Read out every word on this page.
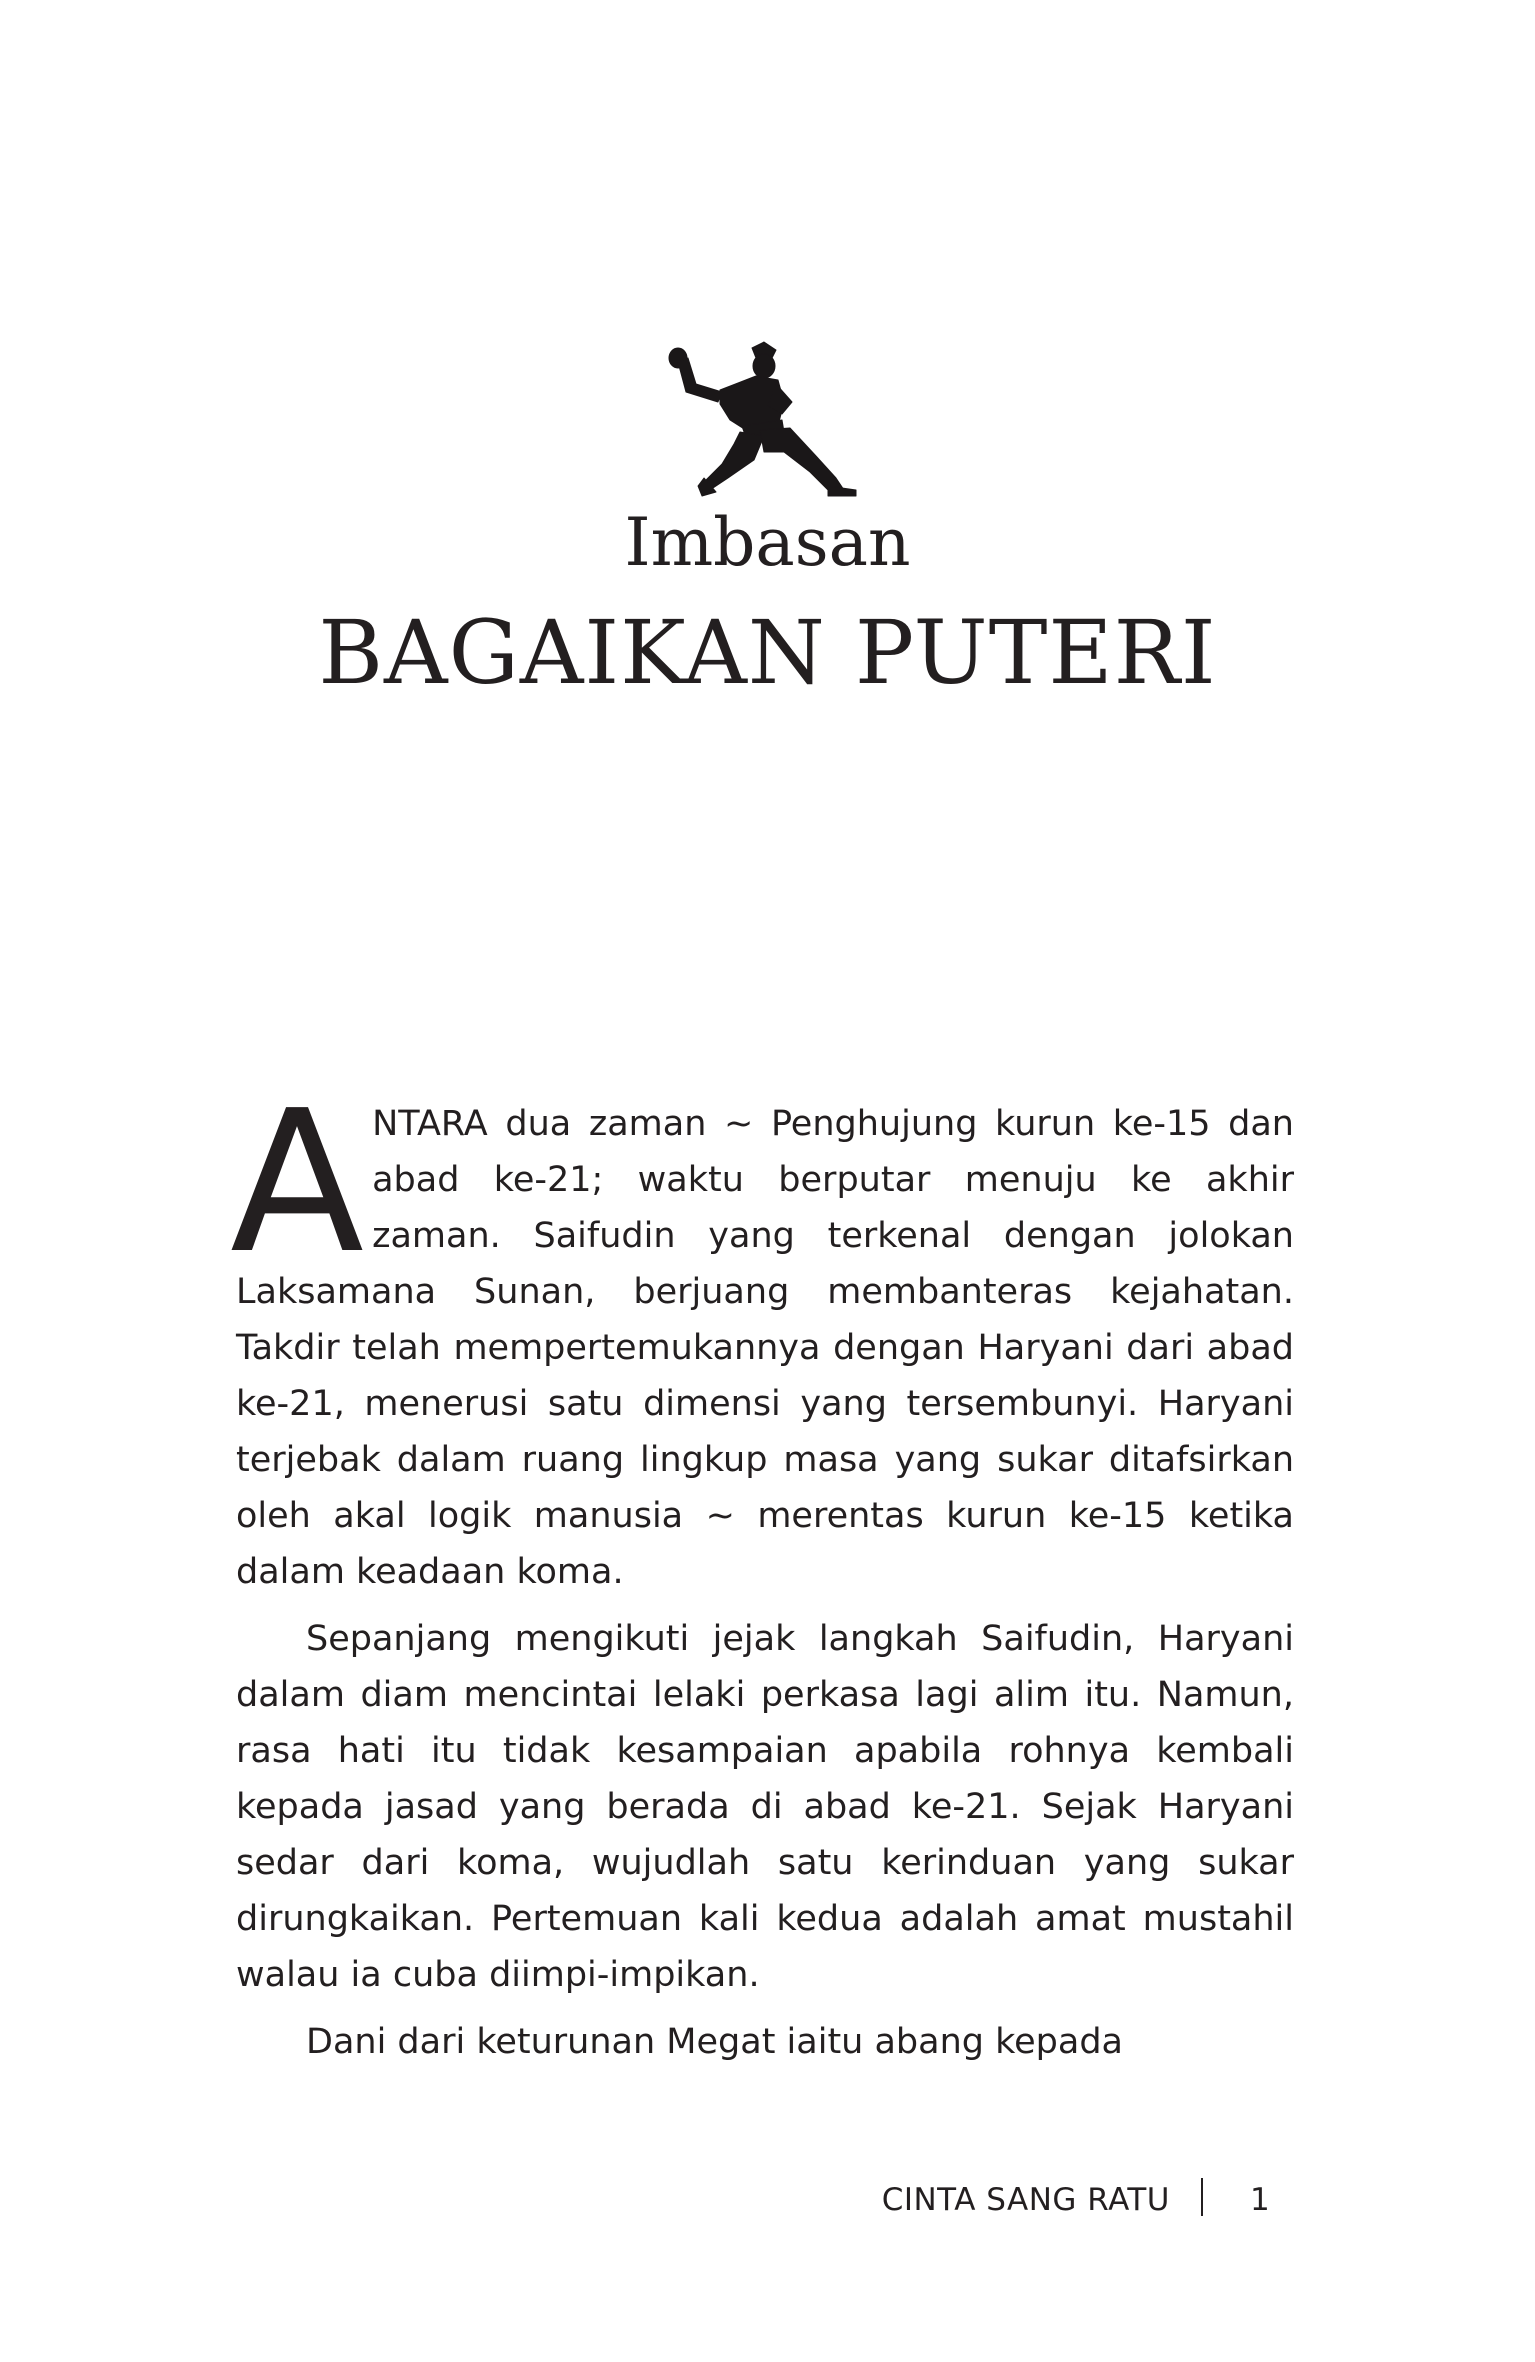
Imbasan
BAGAIKAN PUTERI

ANTARA dua zaman ~ Penghujung kurun ke-15 dan abad ke-21; waktu berputar menuju ke akhir zaman. Saifudin yang terkenal dengan jolokan Laksamana Sunan, berjuang membanteras kejahatan. Takdir telah mempertemukannya dengan Haryani dari abad ke-21, menerusi satu dimensi yang tersembunyi. Haryani terjebak dalam ruang lingkup masa yang sukar ditafsirkan oleh akal logik manusia ~ merentas kurun ke-15 ketika dalam keadaan koma.

Sepanjang mengikuti jejak langkah Saifudin, Haryani dalam diam mencintai lelaki perkasa lagi alim itu. Namun, rasa hati itu tidak kesampaian apabila rohnya kembali kepada jasad yang berada di abad ke-21. Sejak Haryani sedar dari koma, wujudlah satu kerinduan yang sukar dirungkaikan. Pertemuan kali kedua adalah amat mustahil walau ia cuba diimpi-impikan.

Dani dari keturunan Megat iaitu abang kepada

CINTA SANG RATU	1
